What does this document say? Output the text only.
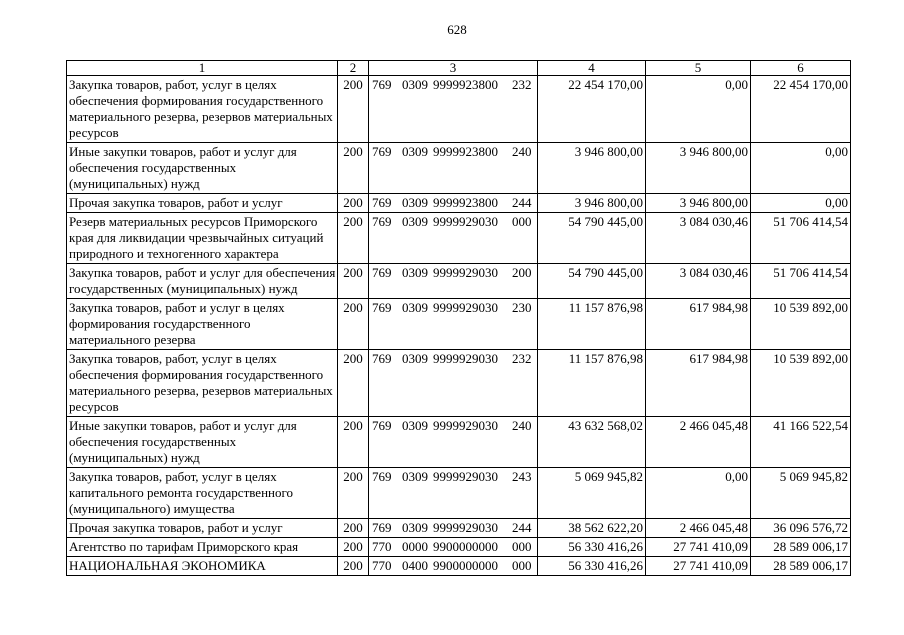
628
1	2	3	4	5	6
Закупка товаров, работ, услуг в целях
обеспечения формирования государственного
материального резерва, резервов материальных
ресурсов	200	769 0309 9999923800 232	22 454 170,00	0,00	22 454 170,00
Иные закупки товаров, работ и услуг для
обеспечения государственных
(муниципальных) нужд	200	769 0309 9999923800 240	3 946 800,00	3 946 800,00	0,00
Прочая закупка товаров, работ и услуг	200	769 0309 9999923800 244	3 946 800,00	3 946 800,00	0,00
Резерв материальных ресурсов Приморского
края для ликвидации чрезвычайных ситуаций
природного и техногенного характера	200	769 0309 9999929030 000	54 790 445,00	3 084 030,46	51 706 414,54
Закупка товаров, работ и услуг для обеспечения
государственных (муниципальных) нужд	200	769 0309 9999929030 200	54 790 445,00	3 084 030,46	51 706 414,54
Закупка товаров, работ и услуг в целях
формирования государственного
материального резерва	200	769 0309 9999929030 230	11 157 876,98	617 984,98	10 539 892,00
Закупка товаров, работ, услуг в целях
обеспечения формирования государственного
материального резерва, резервов материальных
ресурсов	200	769 0309 9999929030 232	11 157 876,98	617 984,98	10 539 892,00
Иные закупки товаров, работ и услуг для
обеспечения государственных
(муниципальных) нужд	200	769 0309 9999929030 240	43 632 568,02	2 466 045,48	41 166 522,54
Закупка товаров, работ, услуг в целях
капитального ремонта государственного
(муниципального) имущества	200	769 0309 9999929030 243	5 069 945,82	0,00	5 069 945,82
Прочая закупка товаров, работ и услуг	200	769 0309 9999929030 244	38 562 622,20	2 466 045,48	36 096 576,72
Агентство по тарифам Приморского края	200	770 0000 9900000000 000	56 330 416,26	27 741 410,09	28 589 006,17
НАЦИОНАЛЬНАЯ ЭКОНОМИКА	200	770 0400 9900000000 000	56 330 416,26	27 741 410,09	28 589 006,17
